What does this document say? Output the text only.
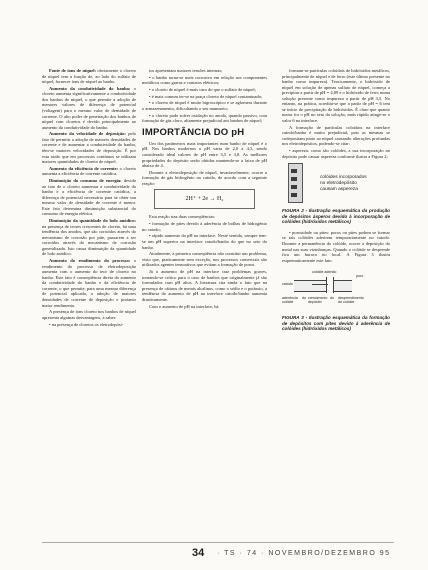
Fonte de íons de níquel: obviamente o cloreto de níquel tem a função de, ao lado do sulfato de níquel, fornecer íons de níquel ao banho.

Aumento da condutividade do banho: o cloreto aumenta significativamente a condutividade dos banhos de níquel, o que permite a adoção de menores valores de diferença de potencial (voltagem) para o mesmo valor de densidade de corrente. O alto poder de penetração dos banhos de níquel com cloretos é devido principalmente ao aumento da condutividade do banho.

Aumento da velocidade de deposição: pelo fato de permitir a adoção de maiores densidades de corrente e de aumentar a condutividade do banho, têm-se maiores velocidades de deposição. É por esta razão que em processos contínuos se utilizam maiores quantidades de cloreto de níquel.

Aumento da eficiência de corrente: o cloreto aumenta a eficiência de corrente catódica.

Diminuição do consumo de energia: devido ao fato de o cloreto aumentar a condutividade do banho e a eficiência de corrente catódica, a diferença de potencial necessária para se obter um mesmo valor de densidade de corrente é menor. Este fato determina diminuição substancial do consumo de energia elétrica.

Diminuição da quantidade do lodo anódico: na presença de teores crescentes de cloreto, há uma tendência dos anodos, que são corroídos através do mecanismo de corrosão por pite, passarem a ser corroídos através do mecanismo de corrosão generalizada. Isto causa diminuição da quantidade de lodo anódico.

Aumento do rendimento do processo: o rendimento do processo de eletrodeposição aumenta com o aumento do teor de cloreto no banho. Este fato é conseqüência direta do aumento da condutividade do banho e da eficiência de corrente, o que permite, para uma mesma diferença de potencial aplicada, a adoção de maiores densidades de corrente de deposição e portanto maior rendimento.

A presença de íons cloreto nos banhos de níquel apresenta algumas desvantagens, a saber:

• na presença de cloretos os eletrodepósi-

tos apresentam maiores tensões internas;

• o banho torna-se mais corrosivo em relação aos componentes metálicos como garras e contatos elétricos;

• o cloreto de níquel é mais caro do que o sulfato de níquel;

• é mais comum ter-se na praça cloreto de níquel contaminado;

• o cloreto de níquel é muito higroscópico e se aglomera durante o armazenamento, dificultando o seu manuseio;

• o cloreto pode sofrer oxidação no anodo, quando passivo, com formação de gás cloro, altamente prejudicial aos banhos de níquel;

IMPORTÂNCIA DO pH

Um dos parâmetros mais importantes num banho de níquel é o pH. Nos banhos modernos o pH varia de 2,0 a 4,5, sendo considerado ideal valores de pH entre 3,5 e 3,8. As melhores propriedades do depósito serão obtidas mantendo-se a faixa de pH abaixo de 4.

Durante a eletrodeposição de níquel, invariavelmente, ocorre a formação de gás hidrogênio no catodo, de acordo com a seguinte reação:

2H⁺ + 2e → H₂

Esta reação traz duas conseqüências:

• formação de pites devido à aderência de bolhas de hidrogênio no catodo;

• rápido aumento do pH na interface. Neste sentido, sempre tem-se um pH superior na interface catodo/banho do que no seio do banho.

Atualmente, a primeira conseqüência não constitui um problema, visto que, praticamente sem exceção, nos processos comerciais são utilizados agentes tensoativos que evitam a formação de poros.

Já o aumento de pH na interface traz problemas graves, tornando-se crítico para o caso de banhos que originalmente já são formulados com pH altos. A literatura cita ainda o fato que na presença de cátions de metais alcalinos, como o sódio e o potássio, a tendência do aumento de pH na interface catodo/banho aumenta drasticamente.

Com o aumento de pH na interface, há

formam-se partículas coloidais de hidróxidos metálicos, principalmente de níquel e de ferro (este último presente no banho como impureza). Teoricamente, o hidróxido de níquel em solução de apenas sulfato de níquel, começa a precipitar a partir de pH = 4,89 e o hidróxido de ferro numa solução presente como impureza a partir de pH 3,5. No entanto, na prática, acredita-se que a partir de pH = 6 tem se início de precipitação de hidróxidos. É claro que quanto maior for o pH no seio da solução, mais rápido atinge-se o valor 6 na interface.

A formação de partículas coloidais na interface catodo/banho é muito prejudicial, pois as mesmas se codepositam junto ao níquel causando alterações profundas nos eletrodepósitos, podendo-se citar:

• aspereza: como são colóides, a sua incorporação no depósito pode causar aspereza conforme ilustra a Figura 2;

colóides incorporados
no eletrodepósito
causam aspereza
FIGURA 2 - Ilustração esquemática da produção de depósitos ásperos devido à incorporação de colóides (hidróxidos metálicos)

• porosidade ou pites: poros ou pites podem se formar se tais colóides aderirem temporariamente no catodo. Durante a permanência do colóide, ocorre a deposição do metal nas suas vizinhanças. Quando o colóide se desprende fica um buraco no local. A Figura 3 ilustra esquematicamente este fato.

colóide aderido
catodo
aderência do colóide
crescimento do depósito
desprendimento do colóide
poro
FIGURA 3 - Ilustração esquemática da formação de depósitos com pites devido à aderência de colóides (hidróxidos metálicos)
34 · TS · 74 · NOVEMBRO/DEZEMBRO 95
